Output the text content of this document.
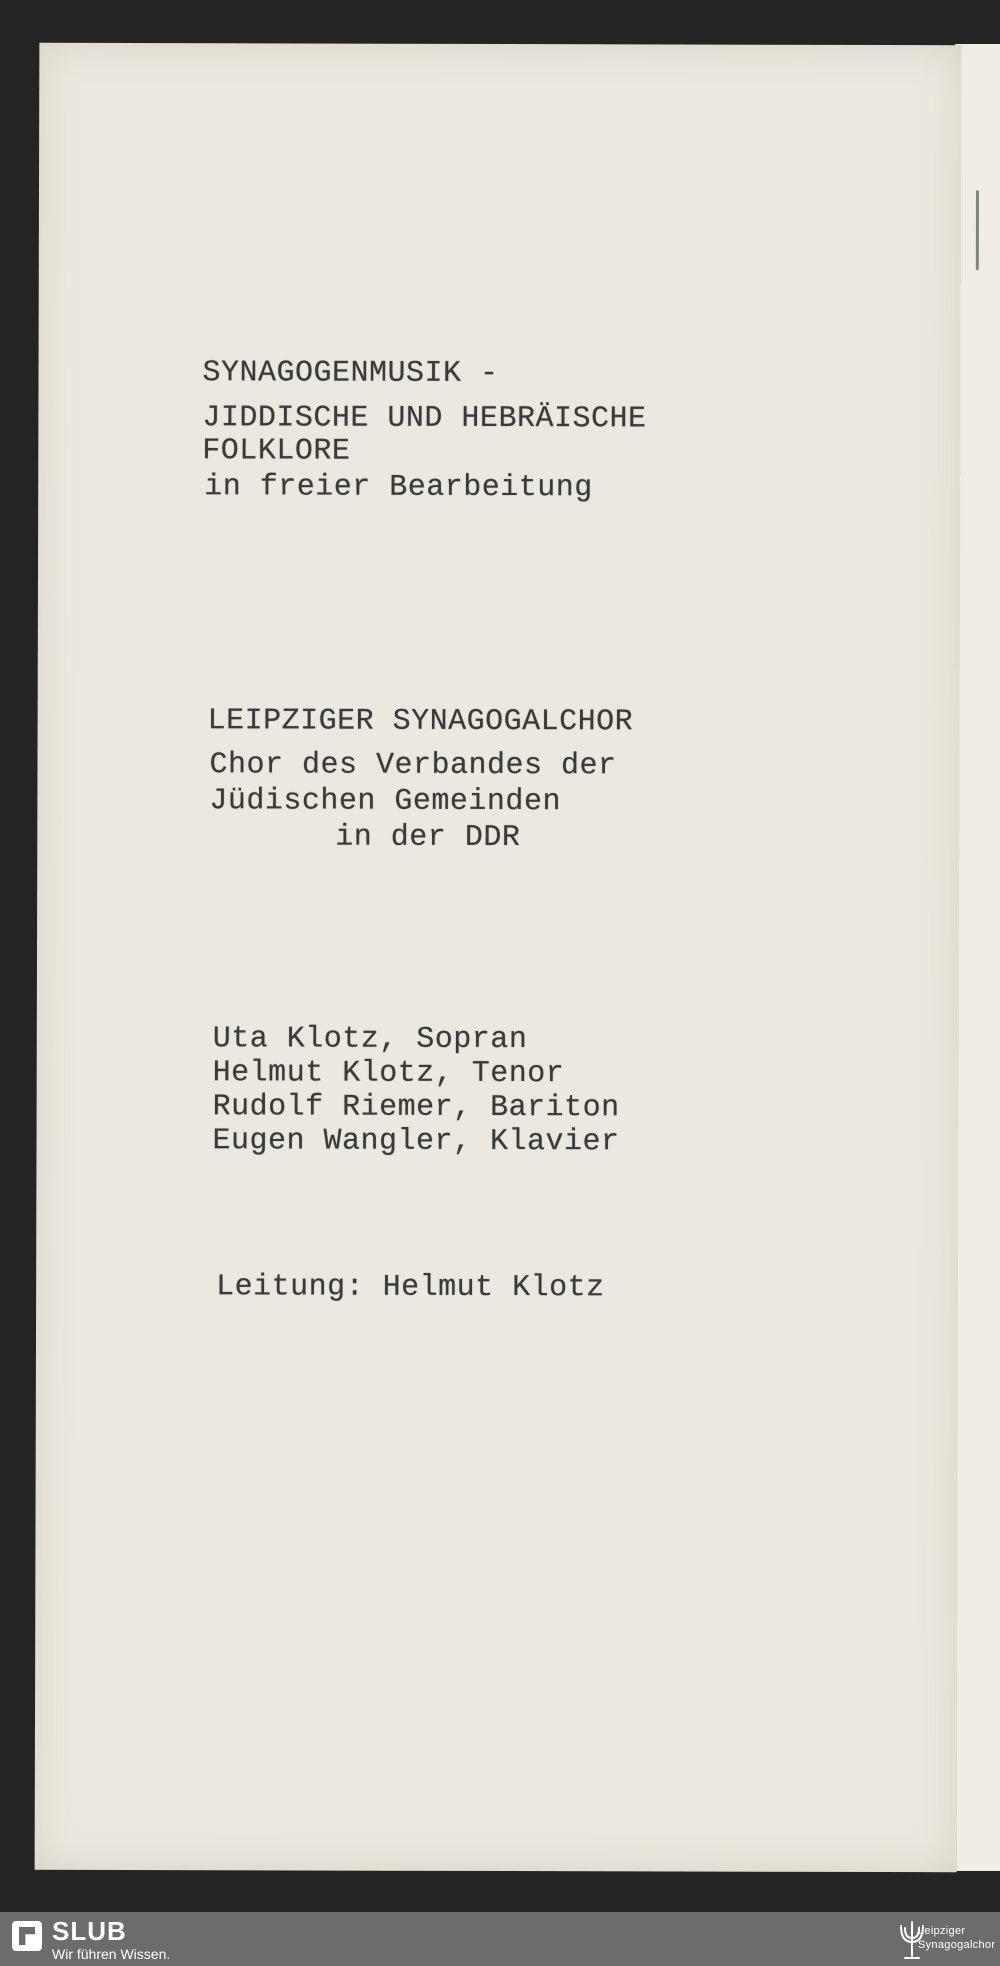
SYNAGOGENMUSIK -
JIDDISCHE UND HEBRÄISCHE
FOLKLORE
in freier Bearbeitung
LEIPZIGER SYNAGOGALCHOR
Chor des Verbandes der
Jüdischen Gemeinden
in der DDR
Uta Klotz, Sopran
Helmut Klotz, Tenor
Rudolf Riemer, Bariton
Eugen Wangler, Klavier
Leitung: Helmut Klotz
SLUB
Wir führen Wissen.
Leipziger
Synagogalchor
